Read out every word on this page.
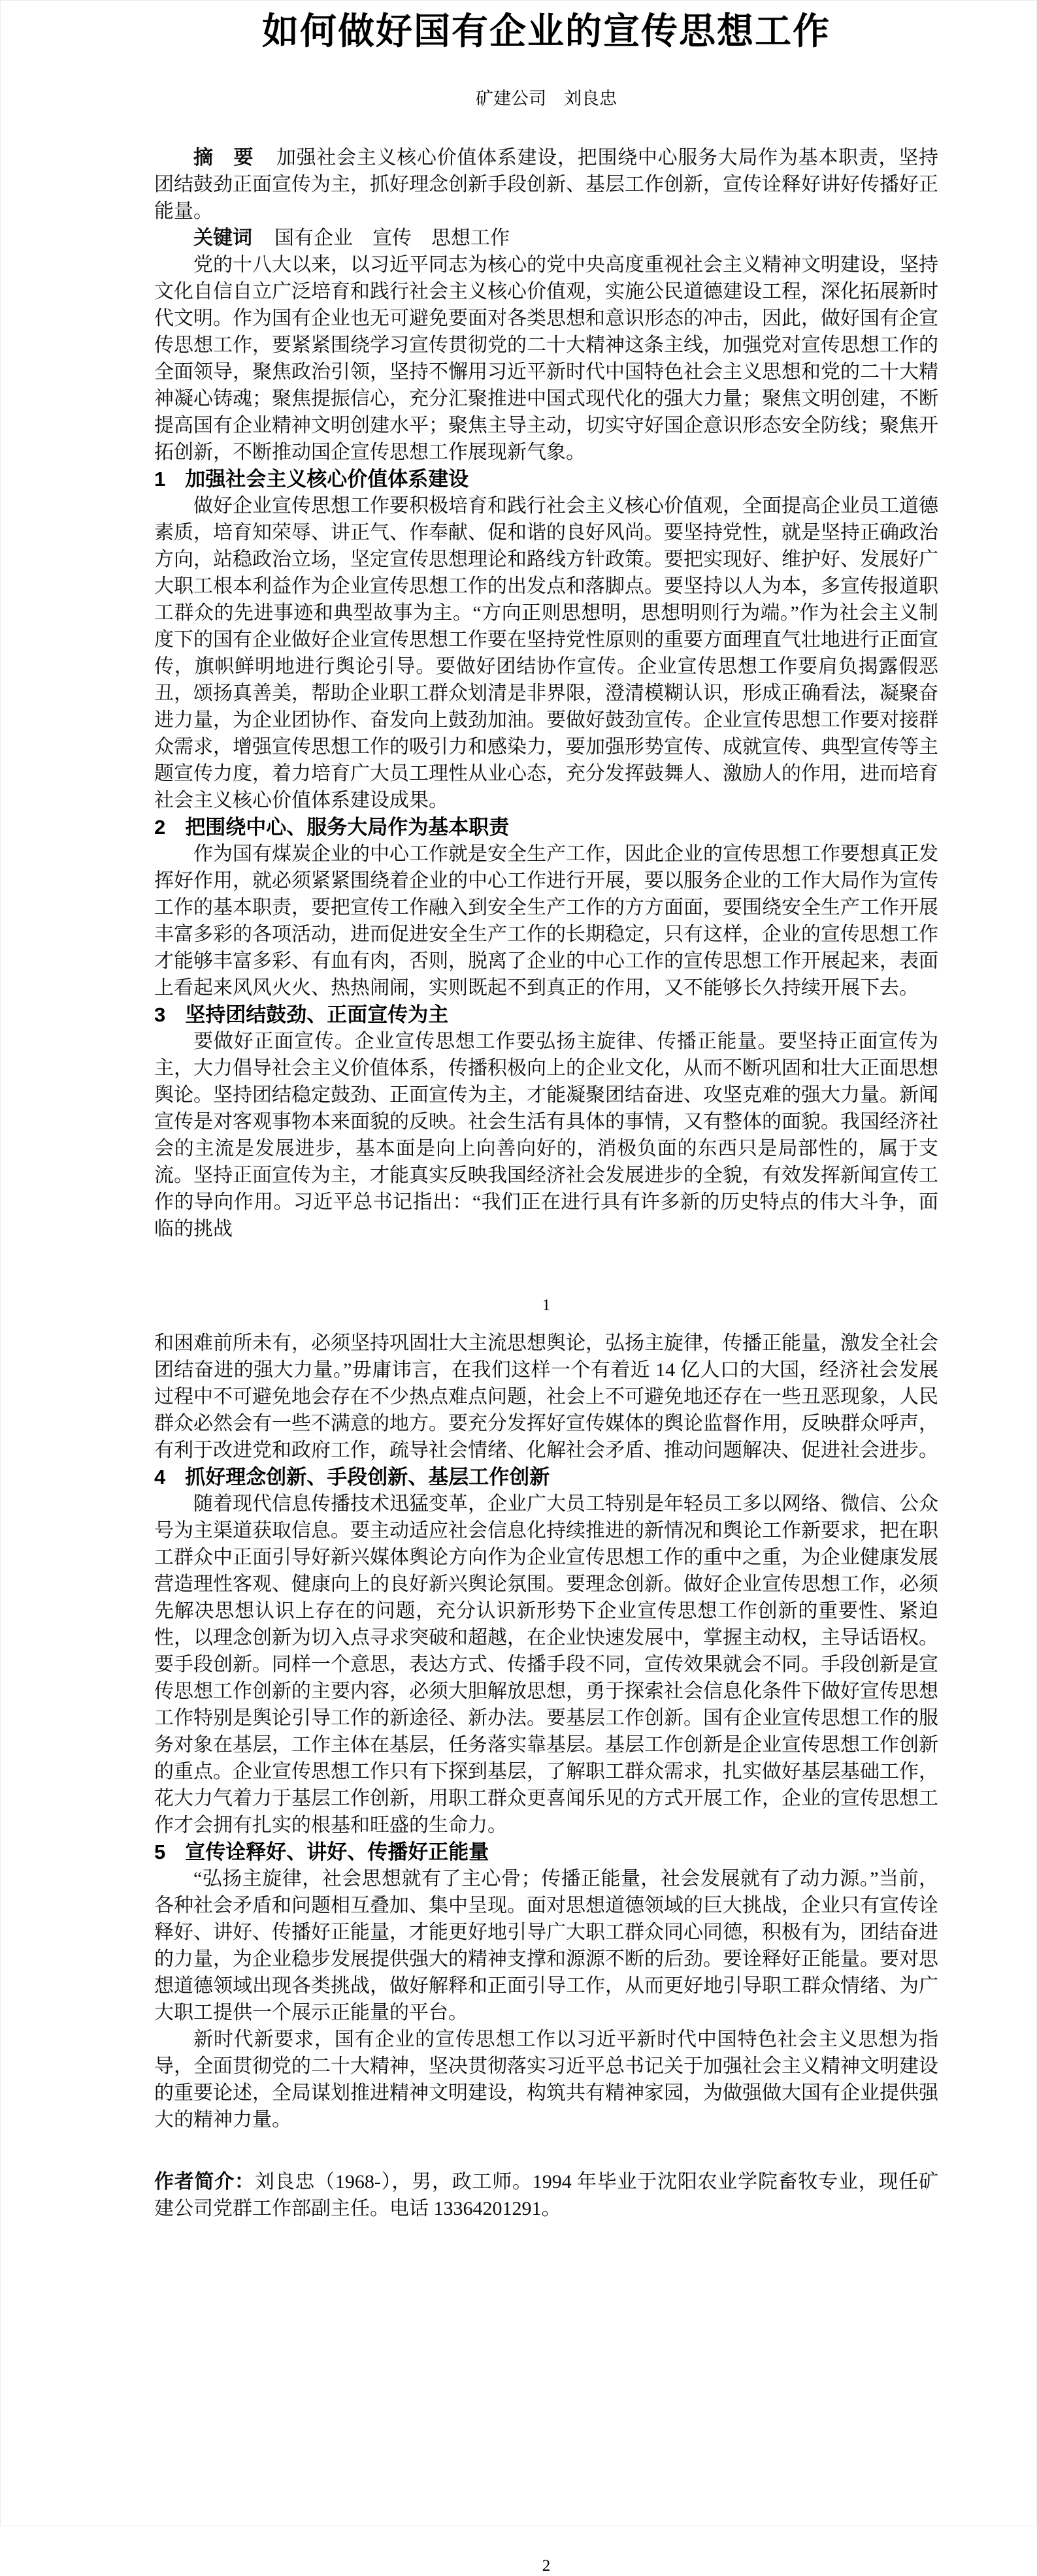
如何做好国有企业的宣传思想工作
矿建公司　刘良忠

摘　要 加强社会主义核心价值体系建设，把围绕中心服务大局作为基本职责，坚持团结鼓劲正面宣传为主，抓好理念创新手段创新、基层工作创新，宣传诠释好讲好传播好正能量。

关键词 国有企业　宣传　思想工作

党的十八大以来，以习近平同志为核心的党中央高度重视社会主义精神文明建设，坚持文化自信自立广泛培育和践行社会主义核心价值观，实施公民道德建设工程，深化拓展新时代文明。作为国有企业也无可避免要面对各类思想和意识形态的冲击，因此，做好国有企宣传思想工作，要紧紧围绕学习宣传贯彻党的二十大精神这条主线，加强党对宣传思想工作的全面领导，聚焦政治引领，坚持不懈用习近平新时代中国特色社会主义思想和党的二十大精神凝心铸魂；聚焦提振信心，充分汇聚推进中国式现代化的强大力量；聚焦文明创建，不断提高国有企业精神文明创建水平；聚焦主导主动，切实守好国企意识形态安全防线；聚焦开拓创新，不断推动国企宣传思想工作展现新气象。

1 加强社会主义核心价值体系建设

做好企业宣传思想工作要积极培育和践行社会主义核心价值观，全面提高企业员工道德素质，培育知荣辱、讲正气、作奉献、促和谐的良好风尚。要坚持党性，就是坚持正确政治方向，站稳政治立场，坚定宣传思想理论和路线方针政策。要把实现好、维护好、发展好广大职工根本利益作为企业宣传思想工作的出发点和落脚点。要坚持以人为本，多宣传报道职工群众的先进事迹和典型故事为主。“方向正则思想明，思想明则行为端。”作为社会主义制度下的国有企业做好企业宣传思想工作要在坚持党性原则的重要方面理直气壮地进行正面宣传，旗帜鲜明地进行舆论引导。要做好团结协作宣传。企业宣传思想工作要肩负揭露假恶丑，颂扬真善美，帮助企业职工群众划清是非界限，澄清模糊认识，形成正确看法，凝聚奋进力量，为企业团协作、奋发向上鼓劲加油。要做好鼓劲宣传。企业宣传思想工作要对接群众需求，增强宣传思想工作的吸引力和感染力，要加强形势宣传、成就宣传、典型宣传等主题宣传力度，着力培育广大员工理性从业心态，充分发挥鼓舞人、激励人的作用，进而培育社会主义核心价值体系建设成果。

2 把围绕中心、服务大局作为基本职责

作为国有煤炭企业的中心工作就是安全生产工作，因此企业的宣传思想工作要想真正发挥好作用，就必须紧紧围绕着企业的中心工作进行开展，要以服务企业的工作大局作为宣传工作的基本职责，要把宣传工作融入到安全生产工作的方方面面，要围绕安全生产工作开展丰富多彩的各项活动，进而促进安全生产工作的长期稳定，只有这样，企业的宣传思想工作才能够丰富多彩、有血有肉，否则，脱离了企业的中心工作的宣传思想工作开展起来，表面上看起来风风火火、热热闹闹，实则既起不到真正的作用，又不能够长久持续开展下去。

3 坚持团结鼓劲、正面宣传为主

要做好正面宣传。企业宣传思想工作要弘扬主旋律、传播正能量。要坚持正面宣传为主，大力倡导社会主义价值体系，传播积极向上的企业文化，从而不断巩固和壮大正面思想舆论。坚持团结稳定鼓劲、正面宣传为主，才能凝聚团结奋进、攻坚克难的强大力量。新闻宣传是对客观事物本来面貌的反映。社会生活有具体的事情，又有整体的面貌。我国经济社会的主流是发展进步，基本面是向上向善向好的，消极负面的东西只是局部性的，属于支流。坚持正面宣传为主，才能真实反映我国经济社会发展进步的全貌，有效发挥新闻宣传工作的导向作用。习近平总书记指出：“我们正在进行具有许多新的历史特点的伟大斗争，面临的挑战

1

和困难前所未有，必须坚持巩固壮大主流思想舆论，弘扬主旋律，传播正能量，激发全社会团结奋进的强大力量。”毋庸讳言，在我们这样一个有着近 14 亿人口的大国，经济社会发展过程中不可避免地会存在不少热点难点问题，社会上不可避免地还存在一些丑恶现象，人民群众必然会有一些不满意的地方。要充分发挥好宣传媒体的舆论监督作用，反映群众呼声，有利于改进党和政府工作，疏导社会情绪、化解社会矛盾、推动问题解决、促进社会进步。

4 抓好理念创新、手段创新、基层工作创新

随着现代信息传播技术迅猛变革，企业广大员工特别是年轻员工多以网络、微信、公众号为主渠道获取信息。要主动适应社会信息化持续推进的新情况和舆论工作新要求，把在职工群众中正面引导好新兴媒体舆论方向作为企业宣传思想工作的重中之重，为企业健康发展营造理性客观、健康向上的良好新兴舆论氛围。要理念创新。做好企业宣传思想工作，必须先解决思想认识上存在的问题，充分认识新形势下企业宣传思想工作创新的重要性、紧迫性，以理念创新为切入点寻求突破和超越，在企业快速发展中，掌握主动权，主导话语权。要手段创新。同样一个意思，表达方式、传播手段不同，宣传效果就会不同。手段创新是宣传思想工作创新的主要内容，必须大胆解放思想，勇于探索社会信息化条件下做好宣传思想工作特别是舆论引导工作的新途径、新办法。要基层工作创新。国有企业宣传思想工作的服务对象在基层，工作主体在基层，任务落实靠基层。基层工作创新是企业宣传思想工作创新的重点。企业宣传思想工作只有下探到基层，了解职工群众需求，扎实做好基层基础工作，花大力气着力于基层工作创新，用职工群众更喜闻乐见的方式开展工作，企业的宣传思想工作才会拥有扎实的根基和旺盛的生命力。

5 宣传诠释好、讲好、传播好正能量

“弘扬主旋律，社会思想就有了主心骨；传播正能量，社会发展就有了动力源。”当前，各种社会矛盾和问题相互叠加、集中呈现。面对思想道德领域的巨大挑战，企业只有宣传诠释好、讲好、传播好正能量，才能更好地引导广大职工群众同心同德，积极有为，团结奋进的力量，为企业稳步发展提供强大的精神支撑和源源不断的后劲。要诠释好正能量。要对思想道德领域出现各类挑战，做好解释和正面引导工作，从而更好地引导职工群众情绪、为广大职工提供一个展示正能量的平台。

新时代新要求，国有企业的宣传思想工作以习近平新时代中国特色社会主义思想为指导，全面贯彻党的二十大精神，坚决贯彻落实习近平总书记关于加强社会主义精神文明建设的重要论述，全局谋划推进精神文明建设，构筑共有精神家园，为做强做大国有企业提供强大的精神力量。

作者简介：刘良忠（1968-），男，政工师。1994 年毕业于沈阳农业学院畜牧专业，现任矿建公司党群工作部副主任。电话 13364201291。

2
